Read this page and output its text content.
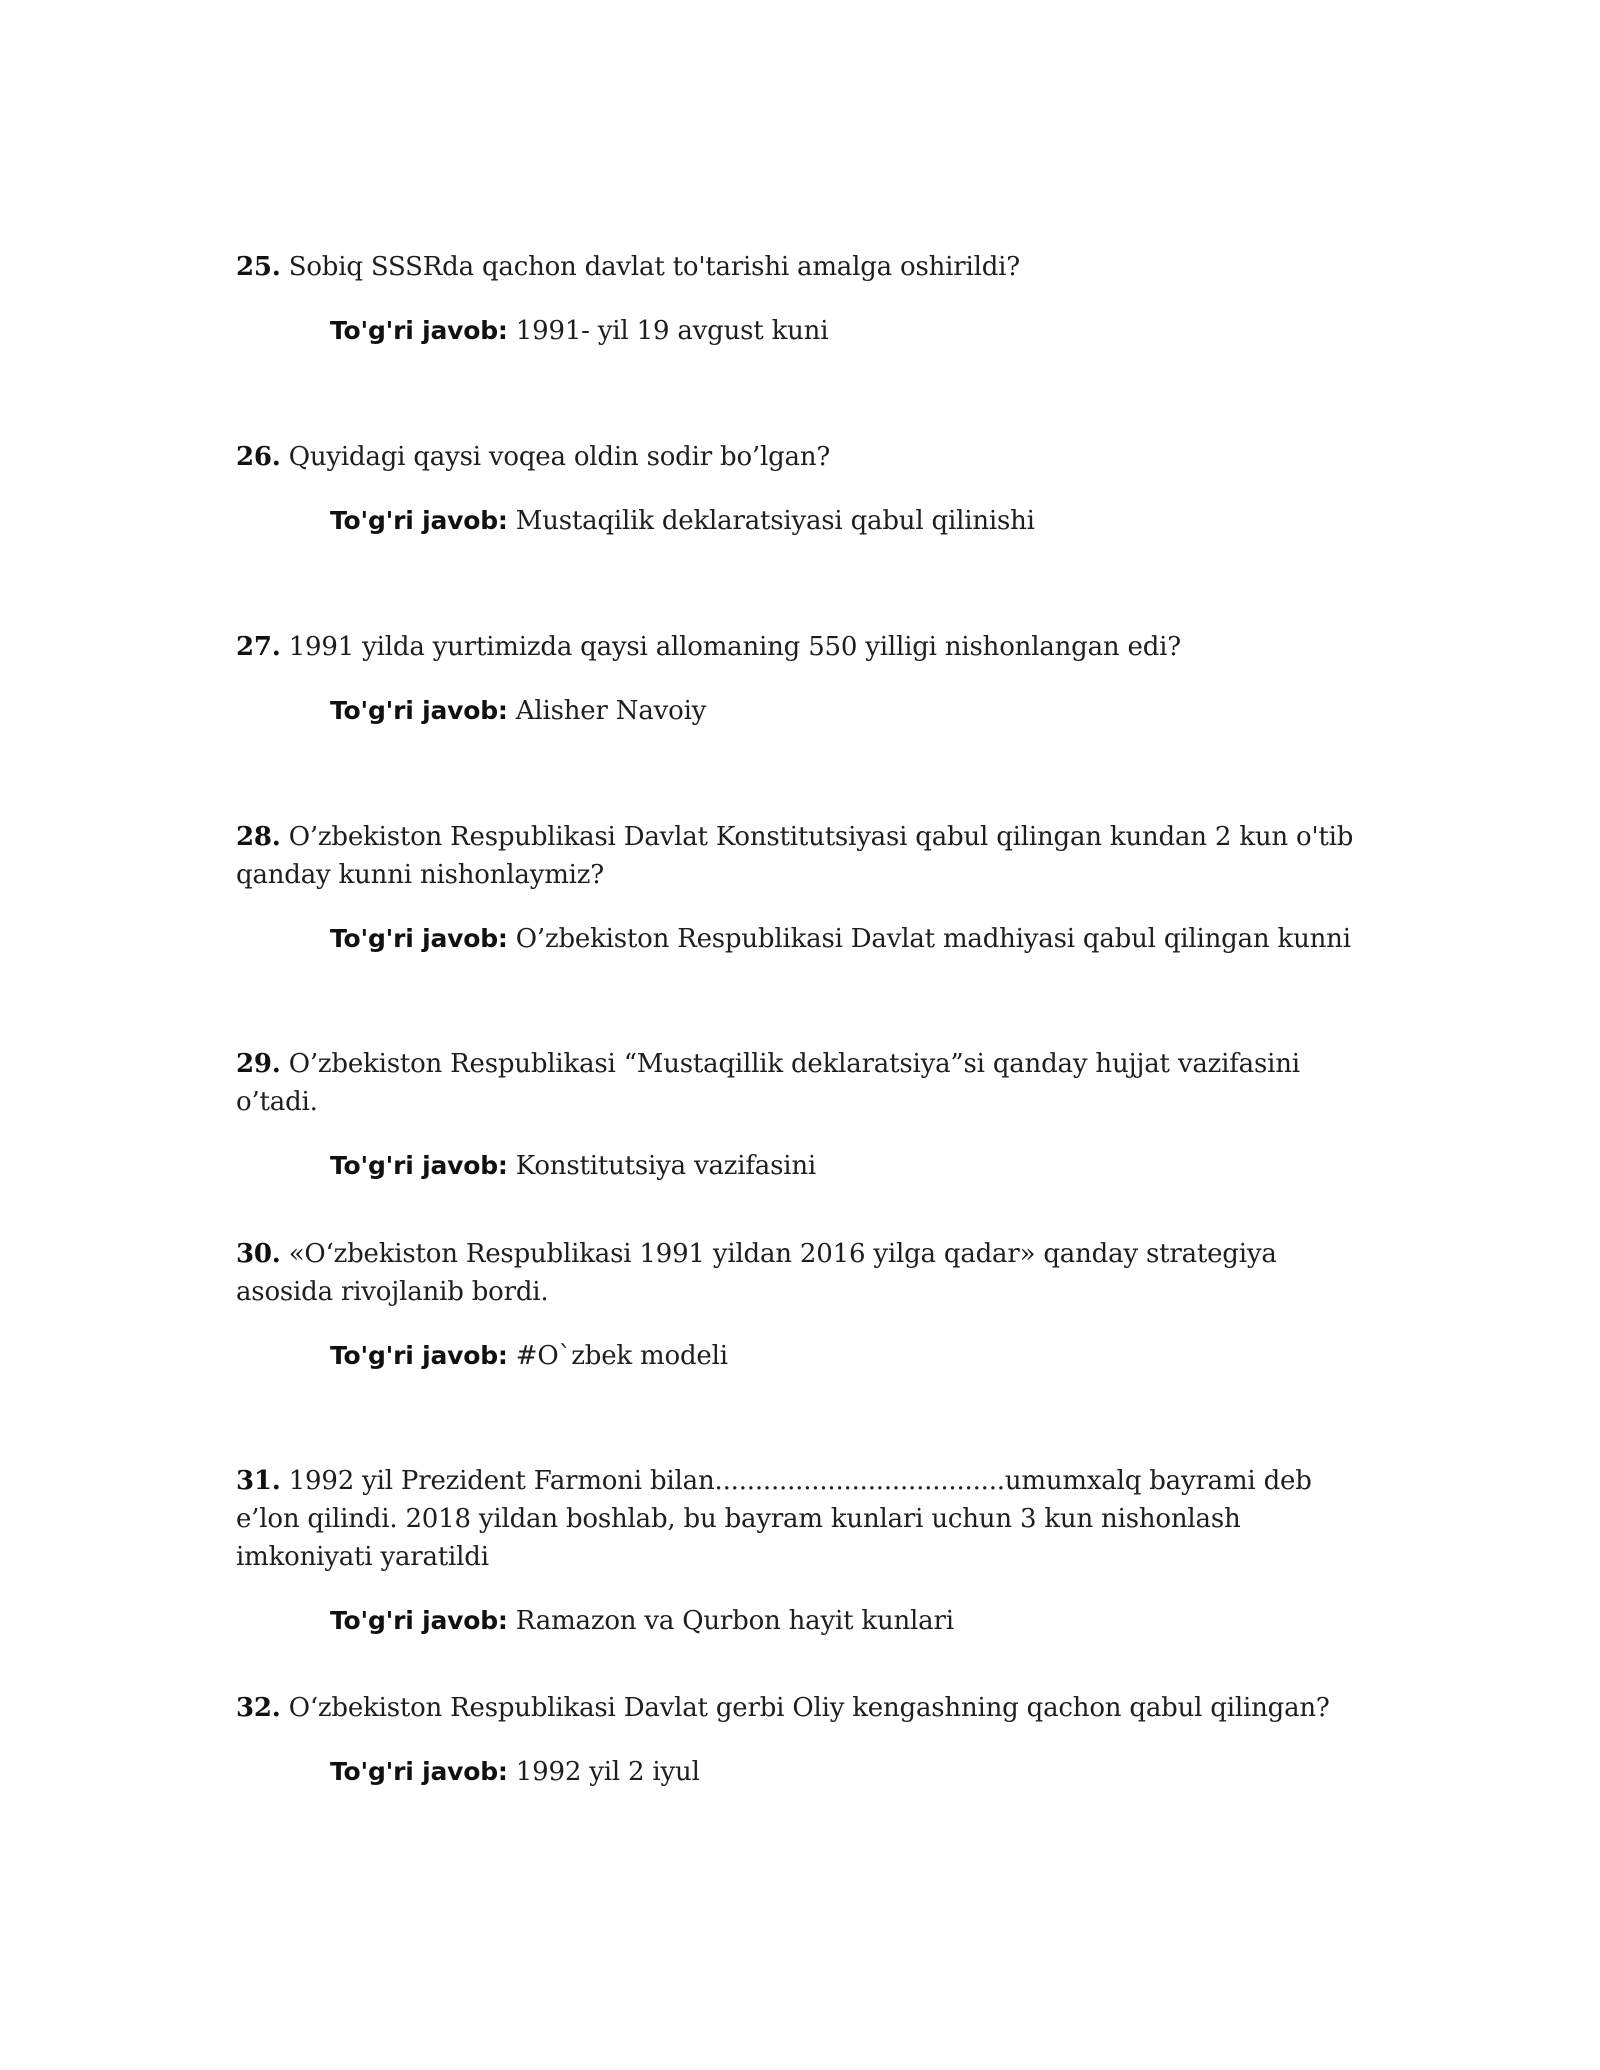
25. Sobiq SSSRda qachon davlat to'tarishi amalga oshirildi?

To'g'ri javob: 1991- yil 19 avgust kuni

26. Quyidagi qaysi voqea oldin sodir bo’lgan?

To'g'ri javob: Mustaqilik deklaratsiyasi qabul qilinishi

27. 1991 yilda yurtimizda qaysi allomaning 550 yilligi nishonlangan edi?

To'g'ri javob: Alisher Navoiy

28. O’zbekiston Respublikasi Davlat Konstitutsiyasi qabul qilingan kundan 2 kun o'tib qanday kunni nishonlaymiz?

To'g'ri javob: O’zbekiston Respublikasi Davlat madhiyasi qabul qilingan kunni

29. O’zbekiston Respublikasi “Mustaqillik deklaratsiya”si qanday hujjat vazifasini o’tadi.

To'g'ri javob: Konstitutsiya vazifasini

30. «O‘zbekiston Respublikasi 1991 yildan 2016 yilga qadar» qanday strategiya asosida rivojlanib bordi.

To'g'ri javob: #O`zbek modeli

31. 1992 yil Prezident Farmoni bilan....................................umumxalq bayrami deb e’lon qilindi. 2018 yildan boshlab, bu bayram kunlari uchun 3 kun nishonlash imkoniyati yaratildi

To'g'ri javob: Ramazon va Qurbon hayit kunlari

32. O‘zbekiston Respublikasi Davlat gerbi Oliy kengashning qachon qabul qilingan?

To'g'ri javob: 1992 yil 2 iyul
